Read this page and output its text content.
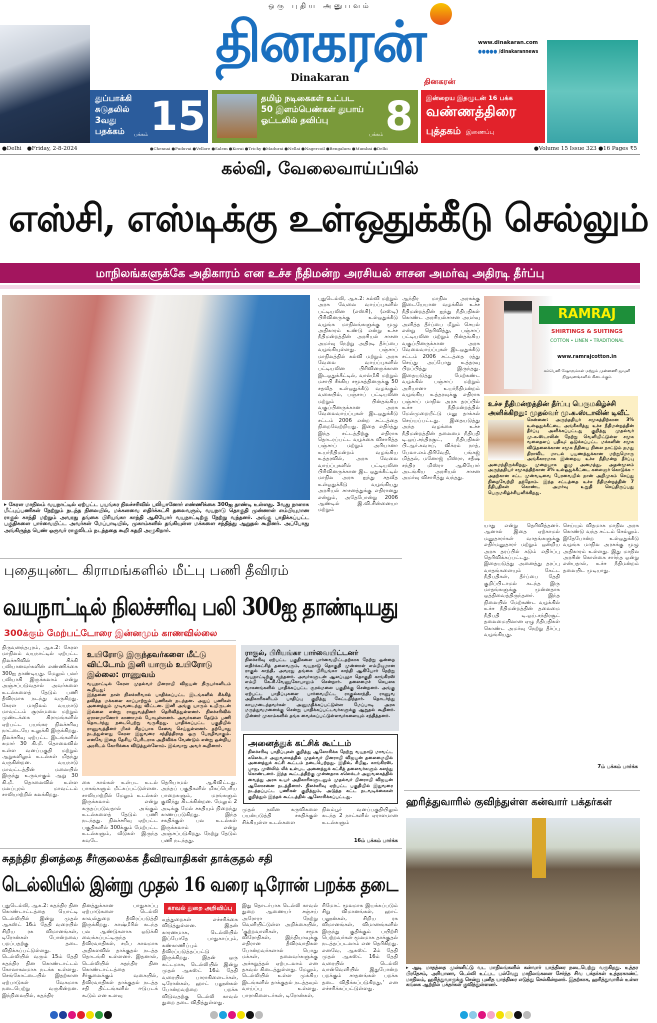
ஒரு புதிய அனுபவம்
தினகரன்
Dinakaran
www.dinakaran.com
●●●●● /dinakarannews
தினகரன்
துப்பாக்கி சுடுதலில் 3வது பதக்கம்	பக்கம் 15	தமிழ் நடிகைகள் உட்பட 50 இளம்பெண்கள் துபாய் ஓட்டலில் தவிப்பு
பக்கம் 8 இன்றைய இதழுடன் 16 பக்க
வண்ணத்திரை
புத்தகம் இணைப்பு
●Delhi ●Friday, 2-8-2024	●Chennai ●Puduvai ●Vellore ●Salem ●Kovai ●Trichy ●Madurai ●Nellai ●Nagercoil ●Bengaluru ●Mumbai ●Delhi	●Volume 15 Issue 323 ●16 Pages ₹5
கல்வி, வேலைவாய்ப்பில்
எஸ்சி, எஸ்டிக்கு உள்ஒதுக்கீடு செல்லும்
மாநிலங்களுக்கே அதிகாரம் என உச்ச நீதிமன்ற அரசியல் சாசன அமர்வு அதிரடி தீர்ப்பு
▸ கேரள மாநிலம் வயநாட்டில் ஏற்பட்ட பயங்கர நிலச்சரிவில் பலியானோர் எண்ணிக்கை 300ஐ தாண்டி உள்ளது. 3வது நாளாக மீட்புப்பணிகள் நேற்றும் நடந்த நிலையில், மக்களவை எதிர்க்கட்சி தலைவரும், வயநாடு தொகுதி முன்னாள் எம்பியுமான ராகுல் காந்தி மற்றும் அவரது தங்கை பிரியங்கா காந்தி ஆகியோர் வயநாட்டிற்கு நேற்று வந்தனர். அங்கு பாதிக்கப்பட்ட பகுதிகளை பார்வையிட்ட அவர்கள் மேப்பாடியில், முகாம்களில் தங்கியுள்ள மக்களை சந்தித்து ஆறுதல் கூறினர். அப்போது அங்கிருந்த பெண் ஒருவர் ராகுலிடம் நடந்ததை கூறி கதறி அழுகிறார்.
புதுடெல்லி, ஆக.2: கல்வி மற்றும் அரசு வேலை வாய்ப்புகளில் பட்டியலின (எஸ்சி), (எஸ்டி) பிரிவினருக்கு உள்ஒதுக்கீடு வழங்க மாநிலங்களுக்கு முழு அதிகாரம் உண்டு என்று உச்ச நீதிமன்றத்தின் அரசியல் சாசன அமர்வு நேற்று அதிரடி தீர்ப்பை வழங்கியுள்ளது. பஞ்சாப் மாநிலத்தில் கல்வி மற்றும் அரசு வேலை வாய்ப்புகளில் பட்டியலின பிரிவினருக்கான இடஒதுக்கீட்டில், வால்மீகி மற்றும் மசாபி சீக்கிய சமூகத்தினருக்கு 50 சதவீத உள்ஒதுக்கீடு வழங்கும் வகையில், பஞ்சாப் பட்டியலின மற்றும் பின்தங்கிய வகுப்பினருக்கான அரசு வேலைவாய்ப்புகள் இடஒதுக்கீடு சட்டம் 2006 என்ற சட்டத்தை நிறைவேற்றியது. இதை எதிர்த்து இந்த சட்டத்திற்கு எதிராக தொடரப்பட்ட வழக்கை விசாரித்த பஞ்சாப் மற்றும் அரியானா உயர்நீதிமன்றம் வழங்கிய உத்தரவில், அரசு வேலை வாய்ப்புகளில் பட்டியலின பிரிவினருக்கான இட ஒதுக்கீட்டில் மாநில அரசு ஐந்து சதவீத உள்ஒதுக்கீடு வழங்கியது அரசியல் சாசனத்துக்கு எதிரானது என்றும், அதேபோன்று 2006 ஆண்டில் இ.வி.சின்னையா மற்றும்
ஆந்திர மாநில அரசுக்கு இடையேயான வழக்கில் உச்ச நீதிமன்றத்தின் ஐந்து நீதிபதிகள் கொண்ட அரசியல்சாசன அமர்வு அளித்த தீர்ப்பை மீறும் செயல் என்று தெரிவித்து, பஞ்சாப் பட்டியலின மற்றும் பின்தங்கிய வகுப்பினருக்கான அரசு வேலைவாய்ப்புகள் இடஒதுக்கீடு சட்டம் 2006 சட்டத்தை ரத்து செய்து அப்போது உத்தரவு பிறப்பித்து இருந்தது. இதையடுத்து மேற்கண்ட வழக்கில் பஞ்சாப் மற்றும் அரியானா உயர்நீதிமன்றம் வழங்கிய உத்தரவுக்கு எதிராக பஞ்சாப் மாநில அரசு தரப்பில் உச்ச நீதிமன்றத்தில் மேல்முறையீட்டு மனு தாக்கல் செய்யப்பட்டது. இதையடுத்து அந்த வழக்கை உச்ச நீதிமன்றத்தின் தலைமை நீதிபதி டி.ஒய்.சந்திரசூட், நீதிபதிகள் பி.ஆர்.கவாய், விக்ரம் நாத், பேலா.எம்.திரிவேதி, பங்கஜ் மித்தல், மனோஜ் மிஸ்ரா, சதீஷ் சந்திர மிஸ்ரா ஆகியோர் அடங்கிய அரசியல் சாசன அமர்வு விசாரித்து வந்தது.
RAMRAJ
SHIRTINGS & SUITINGS
COTTON • LINEN • TRADITIONAL
www.ramrajcotton.in
கம்பெனி ஷோரூம்கள் மற்றும் முன்னணி ஜவுளி நிறுவனங்களில் கிடைக்கும்
உச்ச நீதிமன்றத்தின் தீர்ப்பு பெருமகிழ்ச்சி அளிக்கிறது: முதல்வர் மு.க.ஸ்டாலின் டிவீட்
சென்னை: அருந்ததியர் சமூகத்திற்கான 3% உள்ஒதுக்கீட்டை அங்கீகரித்து உச்ச நீதிமன்றத்தின் தீர்ப்பு அளிக்கப்பட்டது குறித்து முதல்வர் மு.க.ஸ்டாலின் நேற்று வெளியிட்டுள்ள சமூக வலைதளப் பதிவு: ஒடுக்கப்பட்ட மக்களின் சமூக விடுதலைக்கான சமூக நீதியை நிலை நாட்டும் நமது திராவிட மாடல் பயணத்துக்கான மற்றுமொரு அங்கீகாரமாக இன்றைய உச்ச நீதிமன்ற தீர்ப்பு அமைந்திருக்கிறது. முறையாக குழு அமைத்து, அதன்மூலம் அருந்ததியர் சமூகத்திற்கான 3% உள்ஒதுக்கீட்டை கலைஞர் கொடுக்க - அதற்கான சட்ட முன்வடிவை பேரவையில் நான் அறிமுகம் செய்து நிறைவேற்றி தந்தோம். இந்த சட்டத்தை உச்ச நீதிமன்றத்தின் 7 நீதிபதிகள் கொண்ட அமர்வு உறுதி செய்திருப்பது பெருமகிழ்ச்சியளிக்கிறது.
யாது என்று தெரிவித்தனர். ஆனால் இதை ஏற்காமல் மனுதாரர்கள் வாதங்களுக்கு எதிர்மனுதாரர் மற்றும் ஒன்றிய அரசு தரப்பில் கடும் எதிர்ப்பு தெரிவிக்கப்பட்டது. இதையடுத்து அனைத்து தரப்பு வாதங்களையும் கேட்ட நீதிபதிகள், தீர்ப்பை தேதி குறிப்பிடாமல் கடந்த இரு மாதங்களுக்கு முன்னதாக ஒத்திவைத்திருந்தனர். இந்த நிலையில் மேற்கண்ட வழக்கில் உச்ச நீதிமன்றத்தின் தலைமை நீதிபதி டி.ஒய்.சந்திரசூட் தலைமையிலான ஏழு நீதிபதிகள் கொண்ட அமர்வு நேற்று தீர்ப்பு வழங்கியது.
செய்யும் விதமாக மாநில அரசு கொண்டு வந்த சட்டம் செல்லும். இதேபோன்ற உள்ஒதுக்கீடு வழங்க மாநில அரசுக்கு முழு அதிகாரம் உள்ளது. இது மாநில அரசின் கொள்கை சார்ந்த ஒன்று என்பதால், உச்ச நீதிமன்றம் தலையிட முடியாது.
7ம் பக்கம் பார்க்க
புதையுண்ட கிராமங்களில் மீட்பு பணி தீவிரம்
வயநாட்டில் நிலச்சரிவு பலி 300ஐ தாண்டியது
300க்கும் மேற்பட்டோரை இன்னமும் காணவில்லை
திருவனந்தபுரம், ஆக.2: கேரள மாநிலம் வயநாட்டில் ஏற்பட்ட நிலச்சரிவில் சிக்கி பலியானவர்களின் எண்ணிக்கை 300ஐ தாண்டியது. மேலும் பலர் பலியாகி இருக்கலாம் என்று அஞ்சப்படுவதால் அவர்களை உடல்களைத் தேடும் பணி தீவிரமாக நடந்து வருகிறது. கேரள மாநிலம் வயநாடு மாவட்டம் சூரல்மலை மற்றும் முண்டக்கை கிராமங்களில் ஏற்பட்ட பயங்கர நிலச்சரிவு நாட்டையே உலுக்கி இருக்கிறது. நிலச்சரிவு ஏற்பட்ட இடங்களில் சுமார் 30 கி.மீ. தொலைவில் உள்ள வனப்பகுதி மற்றும் ஆறுகளிலும் உடல்கள் மிதந்து வருகின்றன. வயநாடு மாவட்டத்தின் மலையில் இருந்து உருவாகும் ஆறு 30 கி.மீ. தொலைவில் உள்ள மலப்புரம் மாவட்டம் சாலியாற்றில் கலக்கிறது.
உயிரோடு இருந்தவர்களை மீட்டு விட்டோம் இனி யாரும் உயிரோடு இல்லை: ராணுவம்
வயநாட்டில் கேரள முதல்வர் பினராயி விஜயன் நிருபர்களிடம் கூறியது:
இந்தனை நாள் நிலச்சரிவால் பாதிக்கப்பட்ட இடங்களில் சிக்கித் தவித்த மக்களை காப்பாற்றும் பணிகள் நடந்தன. அதுப் பணிகள் அனைத்தும் முடிவடைந்து விட்டன. இனி அங்கு யாரும் உயிருடன் இல்லை என்று ராணுவத்தினர் தெரிவித்துள்ளனர். நிலச்சரிவில் ஏராளமானோர் காணாமல் போயுள்ளனர். அவர்களை தேடும் பணி தொடர்ந்து நடைபெற்று வருகிறது. பாதிக்கப்பட்ட பகுதியில் ராணுவத்தினர் மிகச் சிறப்பாக சேவை செய்துள்ளனர். தற்போது நடந்துள்ளது கேரள இதுவரை சந்தித்திராத ஒரு பேரழிவாகும். எனவே இதை தேசிய பேரிடராக அறிவிக்க வேண்டும் என்று ஒன்றிய அரசிடம் கோரிக்கை விடுத்துள்ளோம். இவ்வாறு அவர் கூறினார்.
கை கால்கள் உள்பட உடல் பாகங்களும் மீட்கப்பட்டுள்ளன. சாலியாற்றில் மேலும் உடல்கள் இருக்கலாம் என்று கருதப்படுவதால் அங்கும் உடல்களைத் தேடும் பணி நடந்தது. நிலச்சரிவு ஏற்பட்ட பகுதிகளில் 300க்கும் மேற்பட்ட உடல்களும், வீடுகள் இருந்த சுவடே
தெரியாமல் ஆகிவிட்டது. அந்தப் பகுதிகளில் மிகப்பெரிய பாறைகளும், மரங்களும் குவிந்து கிடக்கின்றன. மேலும் 2 அடிக்கு மேல் சகதியும் நிறைந்து காணப்படுகிறது. இந்த சகதிக்குள் பல உடல்கள் இருக்கலாம் என்று அஞ்சப்படுகிறது. நேற்று தேடும் பணி நடந்தது.
ராகுல், பிரியங்கா பார்வையிட்டனர்
நிலச்சரிவு ஏற்பட்ட பகுதிகளை பார்வையிட்டதற்காக நேற்று ஒன்றை எதிர்க்கட்சித் தலைவரும், வயநாடு தொகுதி முன்னாள் எம்பியுமான ராகுல் காந்தி, அவரது தங்கை பிரியங்கா காந்தி ஆகியோர் நேற்று வயநாட்டிற்கு வந்தனர். அவர்களுடன் ஆலப்புழா தொகுதி காங்கிரஸ் எம்பி கே.சி.வேணுகோபாலும் சென்றார். தலைமைச் செயலக வாகனங்களில் பாதிக்கப்பட்ட சூரல்மலை பகுதிக்கு சென்றனர். அங்கு ஏற்பட்ட பாதிப்புகளை பார்வையிட்ட ராகுல்காந்தி, ராணுவ அதிகாரிகளிடம் பாதிப்பு குறித்து கேட்டறிந்தார். தொடர்ந்து காயமடைந்தவர்கள் அனுமதிக்கப்பட்டுள்ள மேப்பாடி அரசு மருத்துவமனைக்கு சென்று பாதிக்கப்பட்டவர்களுக்கு ஆறுதல் கூறினர். பின்னர் முகாம்களில் தங்க வைக்கப்பட்டுள்ளவர்களையும் சந்தித்தனர்.
அனைத்துக் கட்சிக் கூட்டம்
நிலச்சரிவு பாதிப்புகள் குறித்து ஆலோசிக்க நேற்று வயநாடு மாவட்ட கலெக்டர் அலுவலகத்தில் முதல்வர் பினராயி விஜயன் தலைமையில் அனைத்துக் கட்சி கூட்டம் நடைபெற்றது. இதில், சிபிஐ, காங்கிரஸ், பாஜ, முஸ்லிம் லீக் உள்பட அனைத்துக் கட்சித் தலைவர்களும் கலந்து கொண்டனர். இந்த கூட்டத்திற்கு முன்னதாக கலெக்டர் அலுவலகத்தில் வைத்து அரசு உயர் அதிகாரிகளுடனும் முதல்வர் பினராயி விஜயன் ஆலோசனை நடத்தினார். நிலச்சரிவு ஏற்பட்ட பகுதியில் இதுவரை நடத்தப்பட்ட பணிகள் குறித்தும், அடுத்த கட்ட நடவடிக்கைகள் குறித்தும் இந்தக் கூட்டத்தில் ஆலோசிக்கப்பட்டது.
முதல் நவீன கருவிகளை பயன்படுத்தி சகதிக்குள் சிக்கியுள்ள உடல்களை
நிலம்பூர் வனப்பகுதியிலும் கடந்த 2 நாட்களில் ஏராளமான உடல்களும்
16ம் பக்கம் பார்க்க
சுதந்திர தினத்தை சீர்குலைக்க தீவிரவாதிகள் தாக்குதல் சதி
டெல்லியில் இன்று முதல் 16 வரை டிரோன் பறக்க தடை
புதுடெல்லி, ஆக.2: சுதந்திர தின கொண்டாட்டத்தை யொட்டி டெல்லியில் இன்று முதல் ஆகஸ்ட் 16ம் தேதி வரையில் சிறிய ரக விமானங்கள், டிரோன்கள் போன்றவை பறப்பதற்கு தடை விதிக்கப்பட்டுள்ளது. டெல்லியில் வரும் 15ம் தேதி சுதந்திர தின கொண்டாட்டம் கோலாகலமாக நடக்க உள்ளது. செங்கோட்டையில் இதற்கான ஏற்பாடுகள் வேகமாக நடைபெற்று வருகின்றன. இந்நிலையில், சுதந்திர
தினத்துக்கான பாதுகாப்பு ஏற்பாடுகளை டெல்லி காவல்துறை தீவிரப்படுத்தி இருக்கிறது. காஷ்மீரில் கடந்த பல ஆண்டுகளாக ஒடுக்கி வைக்கப்பட்டிருந்த தீவிரவாதிகள், சமீப காலமாக அதிகளவில் தாக்குதல் நடத்த தொடங்கி உள்ளனர். இதனால், டெல்லியில் சுதந்திர தின கொண்டாட்டத்தை சீர்குலைக்கும் வகையில், தீவிரவாதிகள் தாக்குதல் நடத்த சதி திட்டங்களில் ஈடுபடக் கூடும் என உளவு
காவல் துறை அறிவிப்பு
வுத்துறைகள் எச்சரிக்கை விடுத்துள்ளன. இதன் காரணமாக, டெல்லியில் இப்போதே பாதுகாப்பும், கண்காணிப்பும் தீவிரப்படுத்தப்பட்டு இருக்கிறது. இதன் ஒரு கட்டமாக, டெல்லியில் இன்று முதல் ஆகஸ்ட் 16ம் தேதி வரையில் பாராகிளைடர்கள், டிரோன்கள், ஹாட் பலூன்கள் போன்றவற்றை பறக்க விடுவதற்கு டெல்லி காவல் துறை தடை விதித்துள்ளது.
இது தொடர்பாக டெல்லி காவல் துறை ஆணையர் சஞ்சய் அரோரா நேற்று வெளியிட்டுள்ள அறிக்கையில், 'குற்றவாளிகள், சமூக விரோதிகள், இந்தியாவுக்கு எதிரான தீவிரவாதிகள் போன்றவர்களால் பொது மக்கள், தலைவர்களுக்கு அச்சுறுத்தல் ஏற்படலாம் என தகவல் கிடைத்துள்ளது. மேலும், டெல்லியில் உள்ள முக்கிய இடங்களில் தாக்குதல் நடத்தவும் வாய்ப்பு உள்ளது. பாராகிளைடர்கள், டிரோன்கள்,
ரிமோட் மூலமாக இயக்கப்படும் சிறு விமானங்கள், ஹாட் பலூன்கள், சிறிய ரக விமானங்கள், விமானங்களில் இருந்து குதிக்கும் பயிற்சி பெற்றவர்கள் மூலமாக தாக்குதல் நடத்தப்படலாம் என தெரிகிறது. எனவே, ஆகஸ்ட் 2ம் தேதி முதல் ஆகஸ்ட் 16ம் தேதி வரையில் டெல்லி வான்வெளியில் இதுபோன்ற பறக்கும் சாதனங்கள் பறக்க தடை விதிக்கப்படுகிறது,' என எச்சரிக்கப்பட்டுள்ளது.
ஹரித்துவாரில் குவிந்துள்ள கன்வார் பக்தர்கள்
▸ ஆடி மாதத்தை முன்னிட்டு வட மாநிலங்களில் கன்வார் யாத்திரை நடைபெற்று வருகிறது. உத்தர பிரதேசம், அரியானா, டெல்லி உட்பட பல்வேறு மாநிலங்களை சேர்ந்த சிவ பக்தர்கள் உத்தரகாண்ட் மாநிலம், ஹரித்துவாருக்கு சென்று புனித யாத்திரை எடுத்து செல்கின்றனர். இதற்காக, ஹரித்துவாரில் உள்ள கங்கை ஆற்றில் பக்தர்கள் குவிந்துள்ளனர்.
